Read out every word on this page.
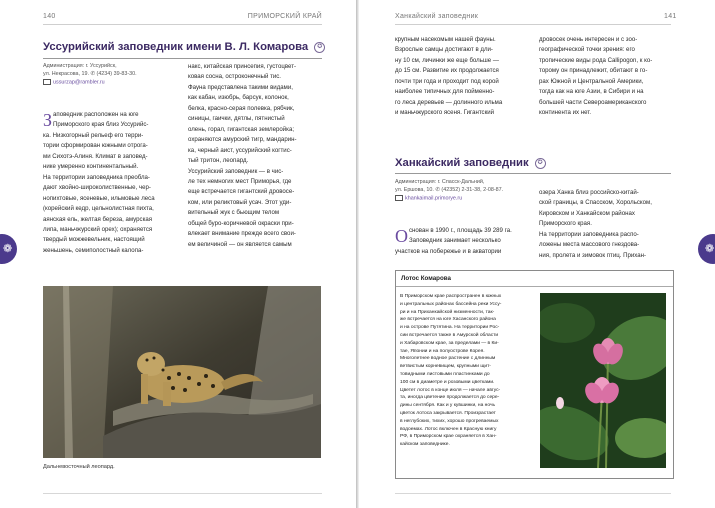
140	ПРИМОРСКИЙ КРАЙ
Уссурийский заповедник имени В. Л. Комарова ✪
Администрация: г. Уссурийск,
ул. Некрасова, 19. ✆ (4234) 39-83-30.
ussurzap@rambler.ru
З аповедник расположен на юге
Приморского края близ Уссурийс-
ка. Низкогорный рельеф его терри-
тории сформирован южными отрога-
ми Сихотэ-Алиня. Климат в заповед-
нике умеренно континентальный.
На территории заповедника преобла-
дают хвойно-широколиственные, чер-
нопихтовые, ясеневые, ильмовые леса
(корейский кедр, цельнолистная пихта,
аянская ель, желтая береза, амурская
липа, маньчжурский орех); охраняется
твердый можжевельник, настоящий
женьшень, семиполостный калопа-
накс, китайская принсепия, густоцвет-
ковая сосна, остроконечный тис.
Фауна представлена такими видами,
как кабан, изюбрь, барсук, колонок,
белка, красно-серая полевка, рябчик,
синицы, гаички, дятлы, пятнистый
олень, горал, гигантская землеройка;
охраняются амурский тигр, мандарин-
ка, черный аист, уссурийский когтис-
тый тритон, леопард.
Уссурийский заповедник — в чис-
ле тех немногих мест Приморья, где
еще встречается гигантский дровосе-
ком, или реликтовый усач. Этот уди-
вительный жук с бьющим телом
общей буро-коричневой окраски при-
влекает внимание прежде всего свои-
ем величиной — он является самым
Дальневосточный леопард.
❁
Ханкайский заповедник	141
крупным насекомым нашей фауны.
Взрослые самцы достигают в дли-
ну 10 см, личинки же еще больше —
до 15 см. Развитие их продолжается
почти три года и проходит под корой
наиболее типичных для пойменно-
го леса деревьев — долинного ильма
и маньчжурского ясеня. Гигантский
дровосек очень интересен и с зоо-
географической точки зрения: его
тропические виды рода Callipogon, к ко-
торому он принадлежит, обитают в го-
рах Южной и Центральной Америки,
тогда как на юге Азии, в Сибири и на
большей части Североамериканского
континента их нет.
Ханкайский заповедник ✪
Администрация: г. Спасск-Дальний,
ул. Ершова, 10. ✆ (42352) 2-31-38, 2-08-87.
khankaimail.primorye.ru
О снован в 1990 г., площадь 39 289 га.
Заповедник занимает несколько
участков на побережье и в акватории
озера Ханка близ российско-китай-
ской границы, в Спасском, Хорольском,
Кировском и Ханкайском районах
Приморского края.
На территории заповедника распо-
ложены места массового гнездова-
ния, пролета и зимовок птиц. Прихан-
Лотос Комарова
В Приморском крае распространен в южных
и центральных районах бассейна реки Уссу-
ри и на Приханкайской низменности, так-
же встречается на юге Хасанского района
и на острове Путятина. На территории Рос-
сии встречается также в Амурской области
и Хабаровском крае, за пределами — в Ки-
тае, Японии и на полуострове Корея.
Многолетнее водное растение с длинным
ветвистым корневищем, крупными щит-
товидными листовыми пластинками до
100 см в диаметре и розовыми цветками.
Цветет лотос в конце июля — начале авгус-
та, иногда цветение продолжается до сере-
дины сентября. Как и у кувшинки, на ночь
цветок лотоса закрывается. Произрастает
в неглубоких, тихих, хорошо прогреваемых
водоемах. Лотос включен в Красную книгу
РФ, в Приморском крае охраняется в Хан-
кайском заповеднике.
❁
